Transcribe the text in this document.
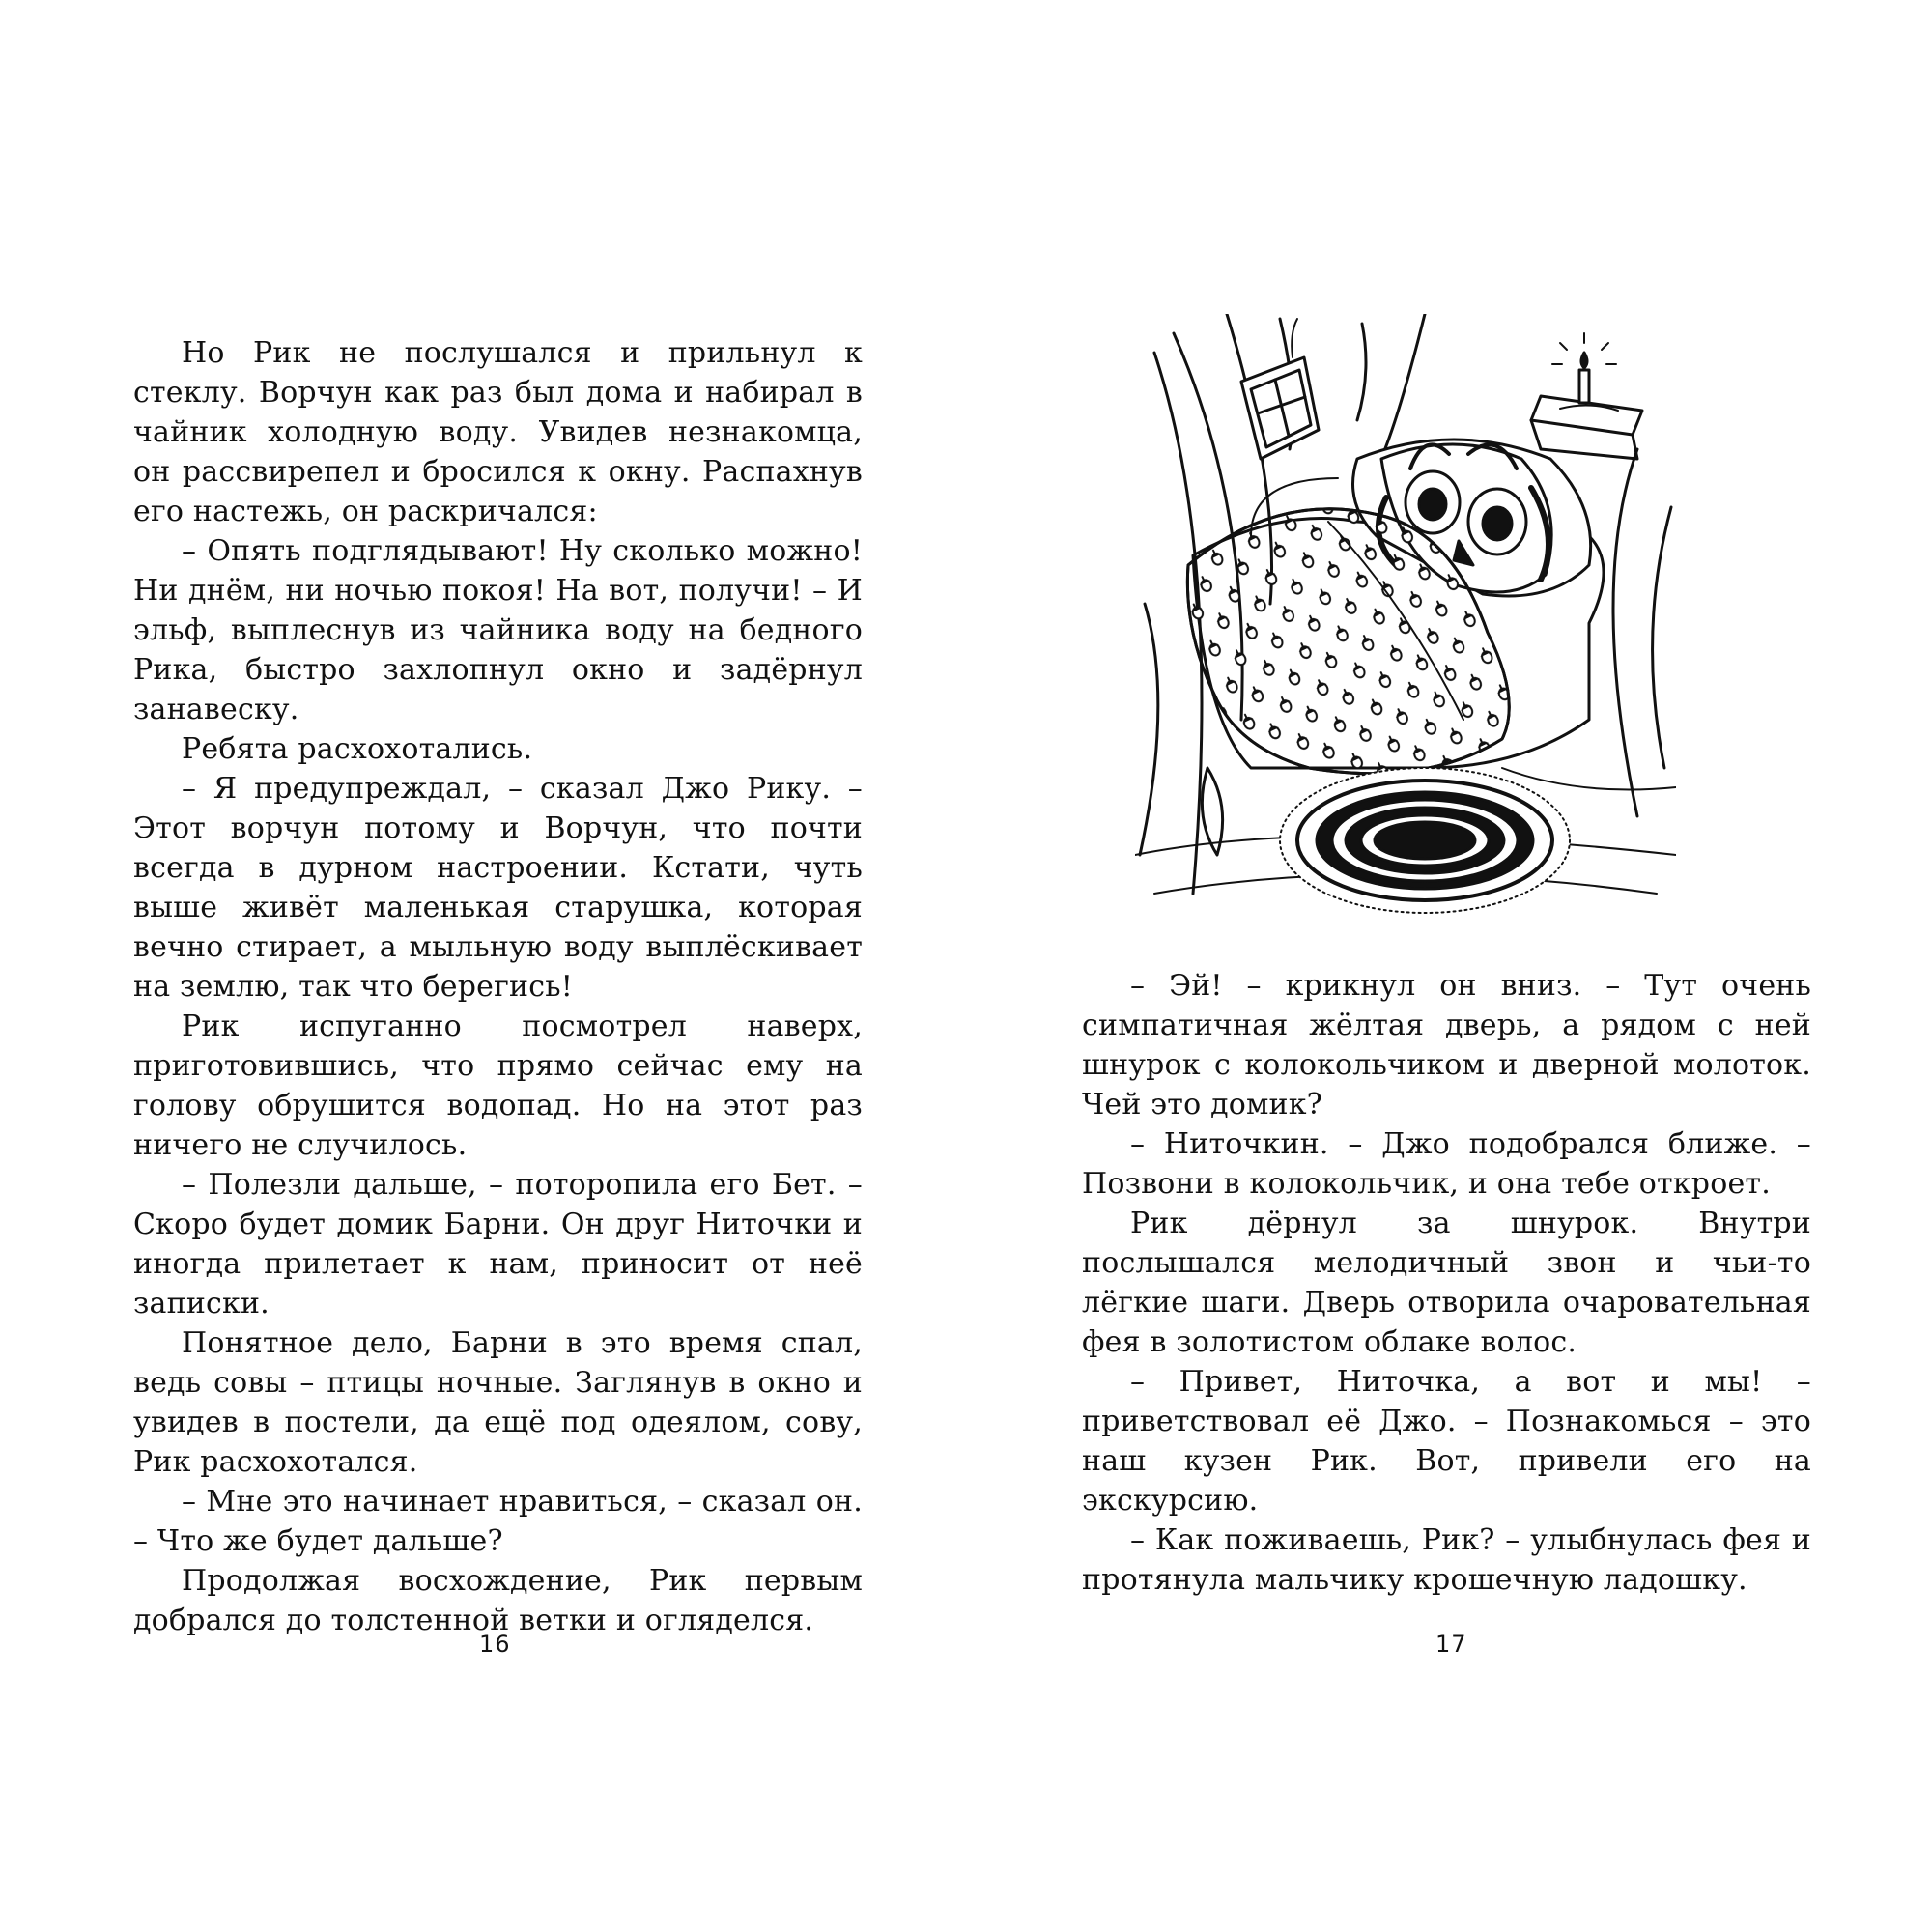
Но Рик не послушался и прильнул к стеклу. Ворчун как раз был дома и набирал в чайник холодную воду. Увидев незнакомца, он рассвирепел и бросился к окну. Распахнув его настежь, он раскричался:

– Опять подглядывают! Ну сколько можно! Ни днём, ни ночью покоя! На вот, получи! – И эльф, выплеснув из чайника воду на бедного Рика, быстро захлопнул окно и задёрнул занавеску.

Ребята расхохотались.

– Я предупреждал, – сказал Джо Рику. – Этот ворчун потому и Ворчун, что почти всегда в дурном настроении. Кстати, чуть выше живёт маленькая старушка, которая вечно стирает, а мыльную воду выплёскивает на землю, так что берегись!

Рик испуганно посмотрел наверх, приготовившись, что прямо сейчас ему на голову обрушится водопад. Но на этот раз ничего не случилось.

– Полезли дальше, – поторопила его Бет. – Скоро будет домик Барни. Он друг Ниточки и иногда прилетает к нам, приносит от неё записки.

Понятное дело, Барни в это время спал, ведь совы – птицы ночные. Заглянув в окно и увидев в постели, да ещё под одеялом, сову, Рик расхохотался.

– Мне это начинает нравиться, – сказал он. – Что же будет дальше?

Продолжая восхождение, Рик первым добрался до толстенной ветки и огляделся.

16

– Эй! – крикнул он вниз. – Тут очень симпатичная жёлтая дверь, а рядом с ней шнурок с колокольчиком и дверной молоток. Чей это домик?

– Ниточкин. – Джо подобрался ближе. – Позвони в колокольчик, и она тебе откроет.

Рик дёрнул за шнурок. Внутри послышался мелодичный звон и чьи-то лёгкие шаги. Дверь отворила очаровательная фея в золотистом облаке волос.

– Привет, Ниточка, а вот и мы! – приветствовал её Джо. – Познакомься – это наш кузен Рик. Вот, привели его на экскурсию.

– Как поживаешь, Рик? – улыбнулась фея и протянула мальчику крошечную ладошку.

17
